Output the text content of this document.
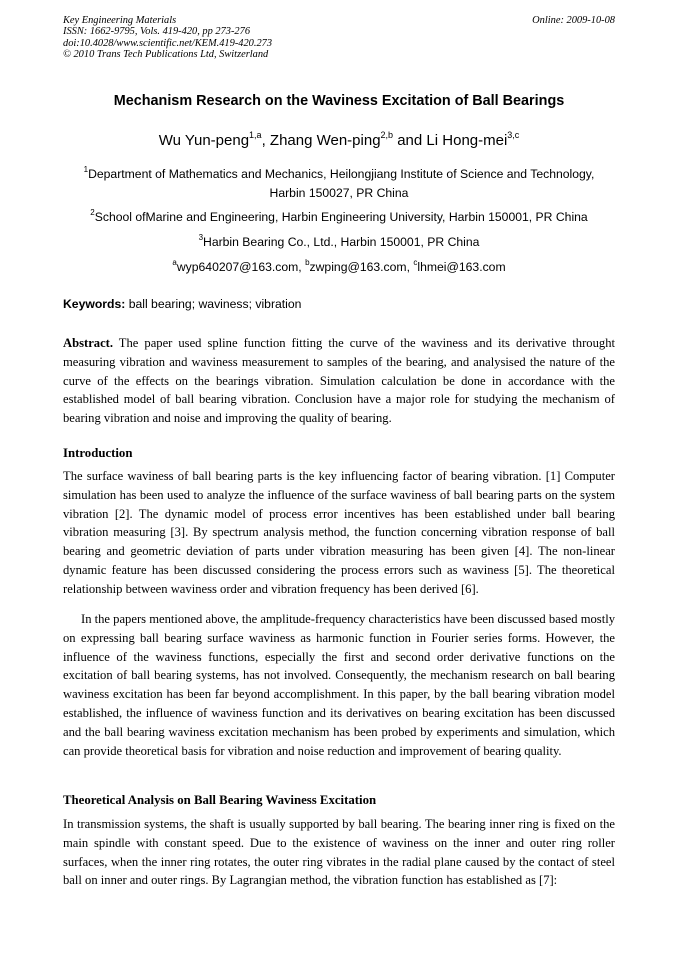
Key Engineering Materials
ISSN: 1662-9795, Vols. 419-420, pp 273-276
doi:10.4028/www.scientific.net/KEM.419-420.273
© 2010 Trans Tech Publications Ltd, Switzerland
Online: 2009-10-08
Mechanism Research on the Waviness Excitation of Ball Bearings
Wu Yun-peng$^{1,a}$, Zhang Wen-ping$^{2,b}$ and Li Hong-mei$^{3,c}$
$^1$Department of Mathematics and Mechanics, Heilongjiang Institute of Science and Technology,
Harbin 150027, PR China
$^2$School ofMarine and Engineering, Harbin Engineering University, Harbin 150001, PR China
$^3$Harbin Bearing Co., Ltd., Harbin 150001, PR China
$^a$wyp640207@163.com, $^b$zwping@163.com, $^c$lhmei@163.com
Keywords: ball bearing; waviness; vibration
Abstract. The paper used spline function fitting the curve of the waviness and its derivative throught measuring vibration and waviness measurement to samples of the bearing, and analysised the nature of the curve of the effects on the bearings vibration. Simulation calculation be done in accordance with the established model of ball bearing vibration. Conclusion have a major role for studying the mechanism of bearing vibration and noise and improving the quality of bearing.
Introduction

The surface waviness of ball bearing parts is the key influencing factor of bearing vibration. [1] Computer simulation has been used to analyze the influence of the surface waviness of ball bearing parts on the system vibration [2]. The dynamic model of process error incentives has been established under ball bearing vibration measuring [3]. By spectrum analysis method, the function concerning vibration response of ball bearing and geometric deviation of parts under vibration measuring has been given [4]. The non-linear dynamic feature has been discussed considering the process errors such as waviness [5]. The theoretical relationship between waviness order and vibration frequency has been derived [6].

In the papers mentioned above, the amplitude-frequency characteristics have been discussed based mostly on expressing ball bearing surface waviness as harmonic function in Fourier series forms. However, the influence of the waviness functions, especially the first and second order derivative functions on the excitation of ball bearing systems, has not involved. Consequently, the mechanism research on ball bearing waviness excitation has been far beyond accomplishment. In this paper, by the ball bearing vibration model established, the influence of waviness function and its derivatives on bearing excitation has been discussed and the ball bearing waviness excitation mechanism has been probed by experiments and simulation, which can provide theoretical basis for vibration and noise reduction and improvement of bearing quality.

Theoretical Analysis on Ball Bearing Waviness Excitation

In transmission systems, the shaft is usually supported by ball bearing. The bearing inner ring is fixed on the main spindle with constant speed. Due to the existence of waviness on the inner and outer ring roller surfaces, when the inner ring rotates, the outer ring vibrates in the radial plane caused by the contact of steel ball on inner and outer rings. By Lagrangian method, the vibration function has established as [7]:
